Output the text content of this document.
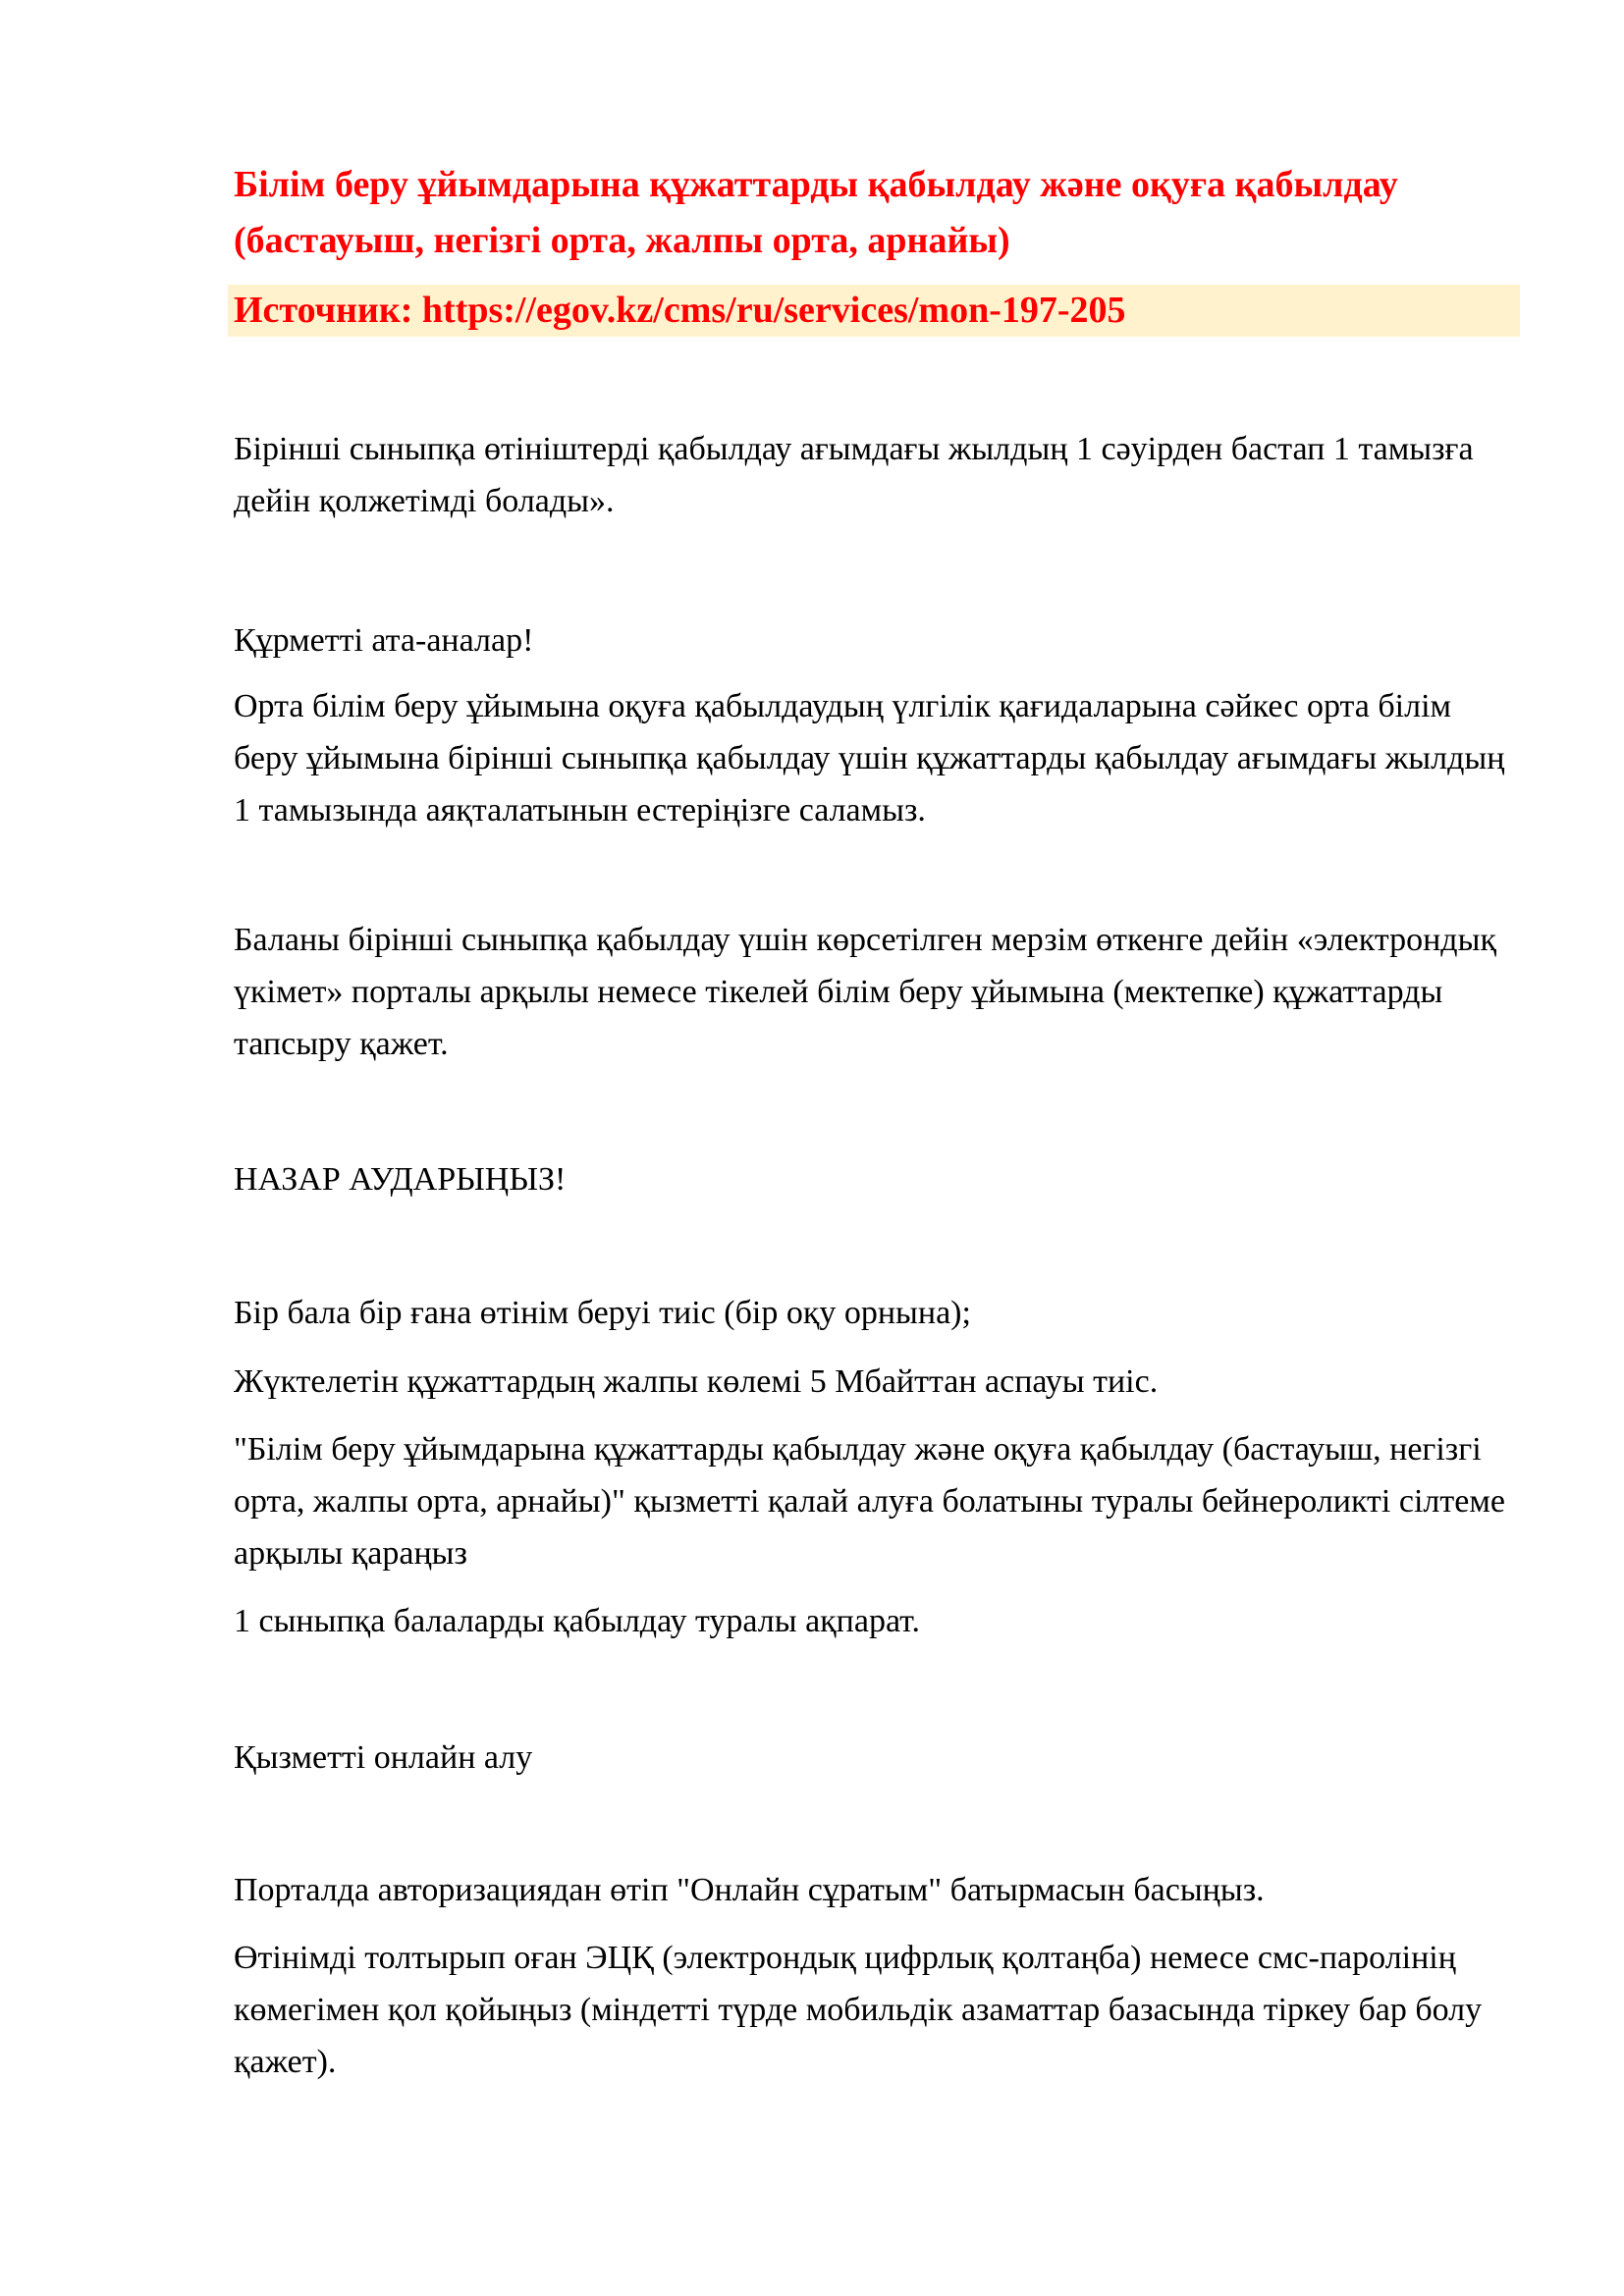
Білім беру ұйымдарына құжаттарды қабылдау және оқуға қабылдау (бастауыш, негізгі орта, жалпы орта, арнайы)

Источник: https://egov.kz/cms/ru/services/mon-197-205

Бірінші сыныпқа өтініштерді қабылдау ағымдағы жылдың 1 сәуірден бастап 1 тамызға дейін қолжетімді болады».

Құрметті ата-аналар!

Орта білім беру ұйымына оқуға қабылдаудың үлгілік қағидаларына сәйкес орта білім беру ұйымына бірінші сыныпқа қабылдау үшін құжаттарды қабылдау ағымдағы жылдың 1 тамызында аяқталатынын естеріңізге саламыз.

Баланы бірінші сыныпқа қабылдау үшін көрсетілген мерзім өткенге дейін «электрондық үкімет» порталы арқылы немесе тікелей білім беру ұйымына (мектепке) құжаттарды тапсыру қажет.

НАЗАР АУДАРЫҢЫЗ!

Бір бала бір ғана өтінім беруі тиіс (бір оқу орнына);

Жүктелетін құжаттардың жалпы көлемі 5 Мбайттан аспауы тиіс.

"Білім беру ұйымдарына құжаттарды қабылдау және оқуға қабылдау (бастауыш, негізгі орта, жалпы орта, арнайы)" қызметті қалай алуға болатыны туралы бейнероликті сілтеме арқылы қараңыз

1 сыныпқа балаларды қабылдау туралы ақпарат.

Қызметті онлайн алу

Порталда авторизациядан өтіп "Онлайн сұратым" батырмасын басыңыз.

Өтінімді толтырып оған ЭЦҚ (электрондық цифрлық қолтаңба) немесе смс-паролінің көмегімен қол қойыңыз (міндетті түрде мобильдік азаматтар базасында тіркеу бар болу қажет).
